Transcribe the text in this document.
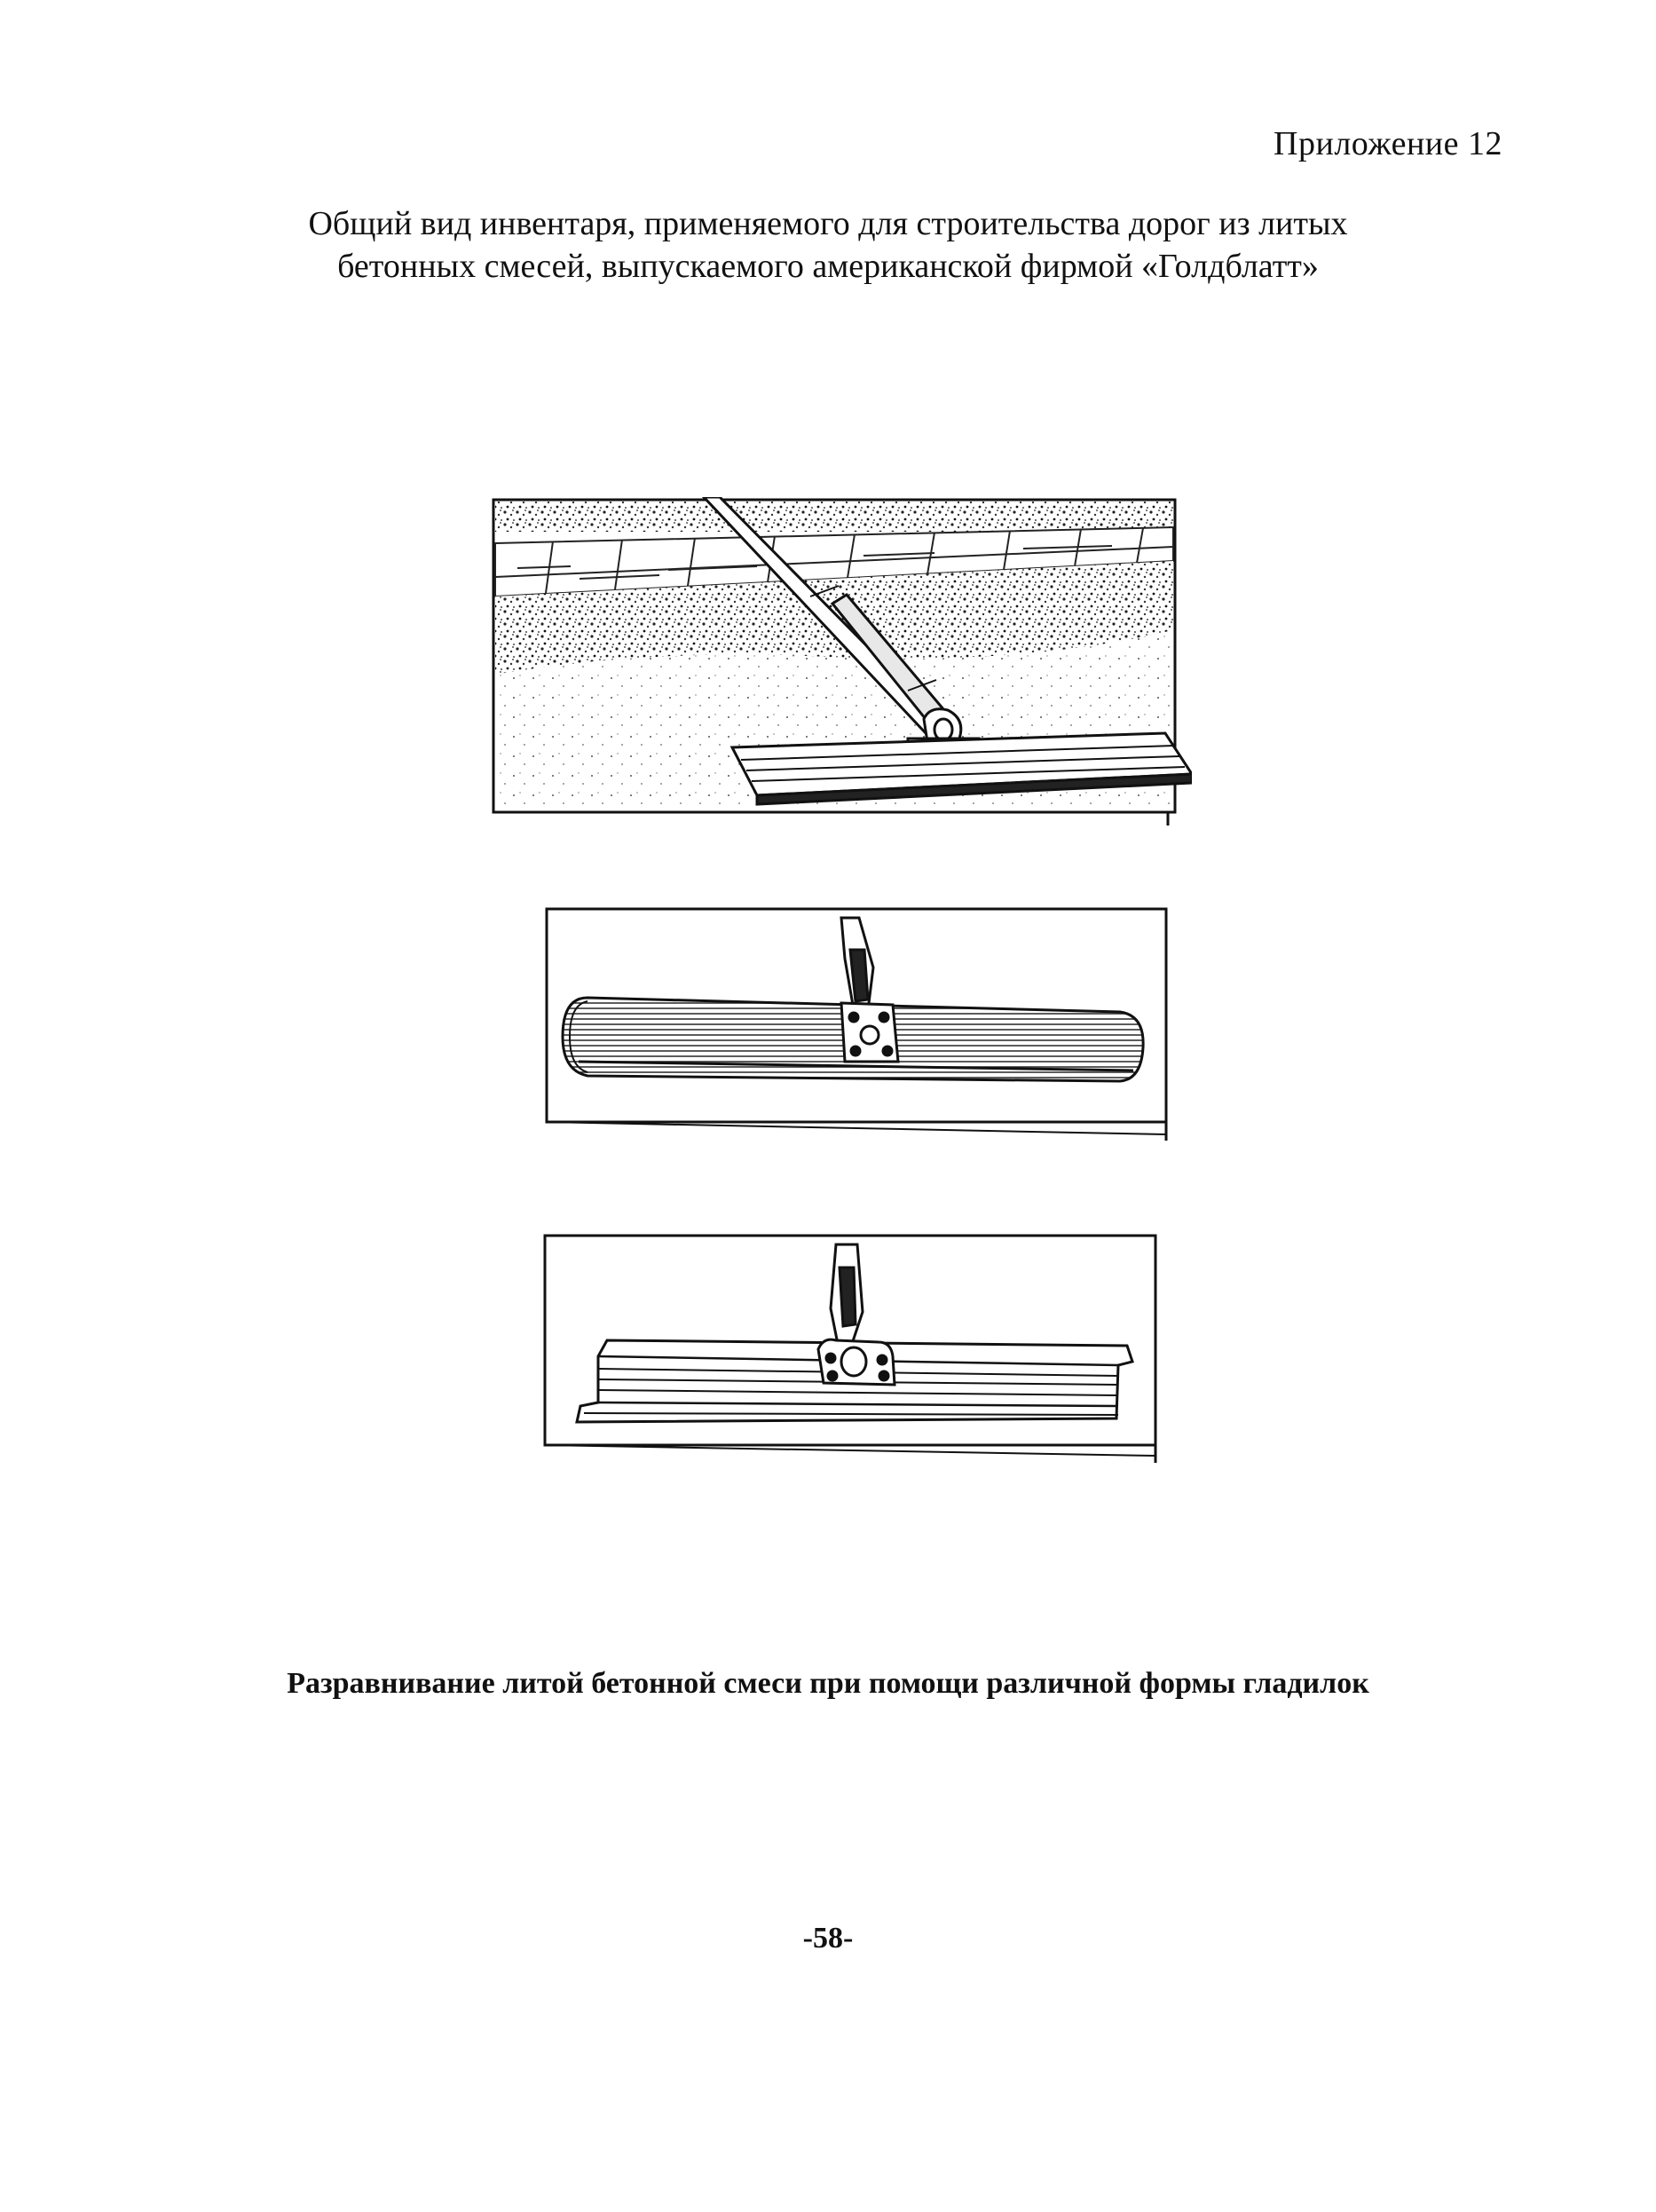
Приложение 12
Общий вид инвентаря, применяемого для строительства дорог из литых
бетонных смесей, выпускаемого американской фирмой «Голдблатт»
Разравнивание литой бетонной смеси при помощи различной формы гладилок
-58-
